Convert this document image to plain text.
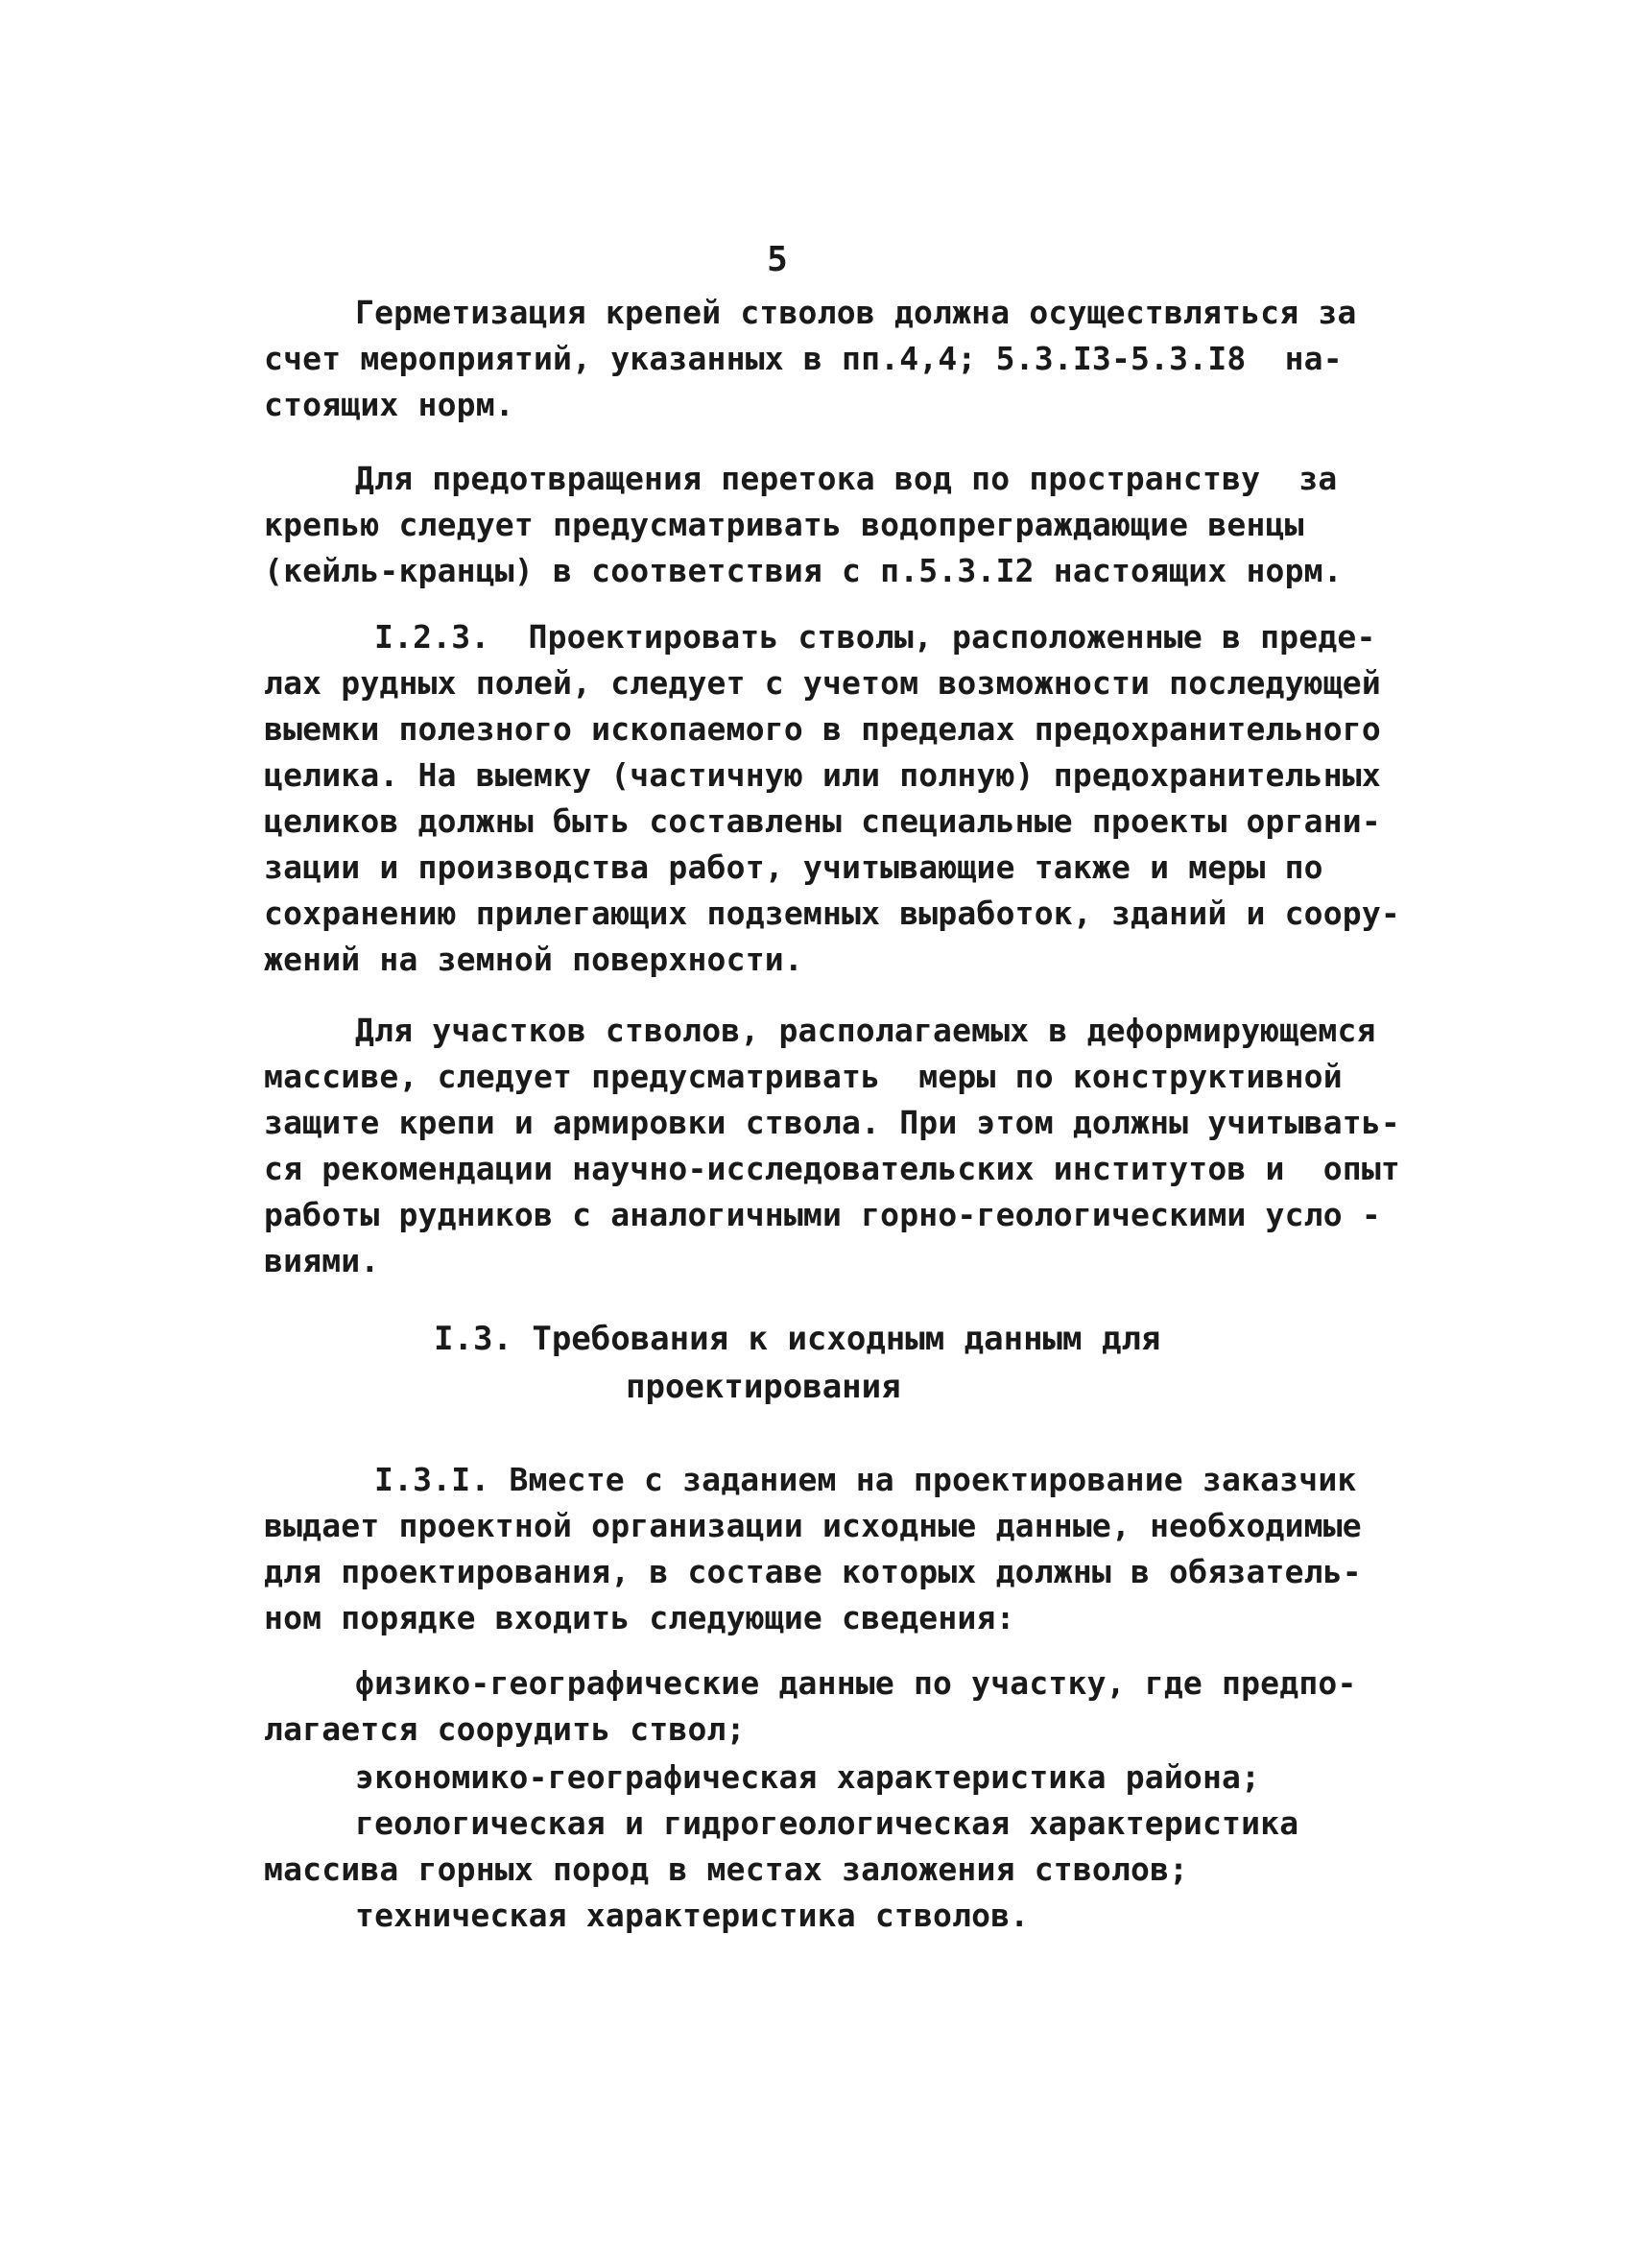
5
Герметизация крепей стволов должна осуществляться за
счет мероприятий, указанных в пп.4,4; 5.3.I3-5.3.I8  на-
стоящих норм.
Для предотвращения перетока вод по пространству  за
крепью следует предусматривать водопреграждающие венцы
(кейль-кранцы) в соответствия с п.5.3.I2 настоящих норм.
I.2.3.  Проектировать стволы, расположенные в преде-
лах рудных полей, следует с учетом возможности последующей
выемки полезного ископаемого в пределах предохранительного
целика. На выемку (частичную или полную) предохранительных
целиков должны быть составлены специальные проекты органи-
зации и производства работ, учитывающие также и меры по
сохранению прилегающих подземных выработок, зданий и соору-
жений на земной поверхности.
Для участков стволов, располагаемых в деформирующемся
массиве, следует предусматривать  меры по конструктивной
защите крепи и армировки ствола. При этом должны учитывать-
ся рекомендации научно-исследовательских институтов и  опыт
работы рудников с аналогичными горно-геологическими усло -
виями.
I.3. Требования к исходным данным для
проектирования
I.3.I. Вместе с заданием на проектирование заказчик
выдает проектной организации исходные данные, необходимые
для проектирования, в составе которых должны в обязатель-
ном порядке входить следующие сведения:
физико-географические данные по участку, где предпо-
лагается соорудить ствол;
экономико-географическая характеристика района;
геологическая и гидрогеологическая характеристика
массива горных пород в местах заложения стволов;
техническая характеристика стволов.
